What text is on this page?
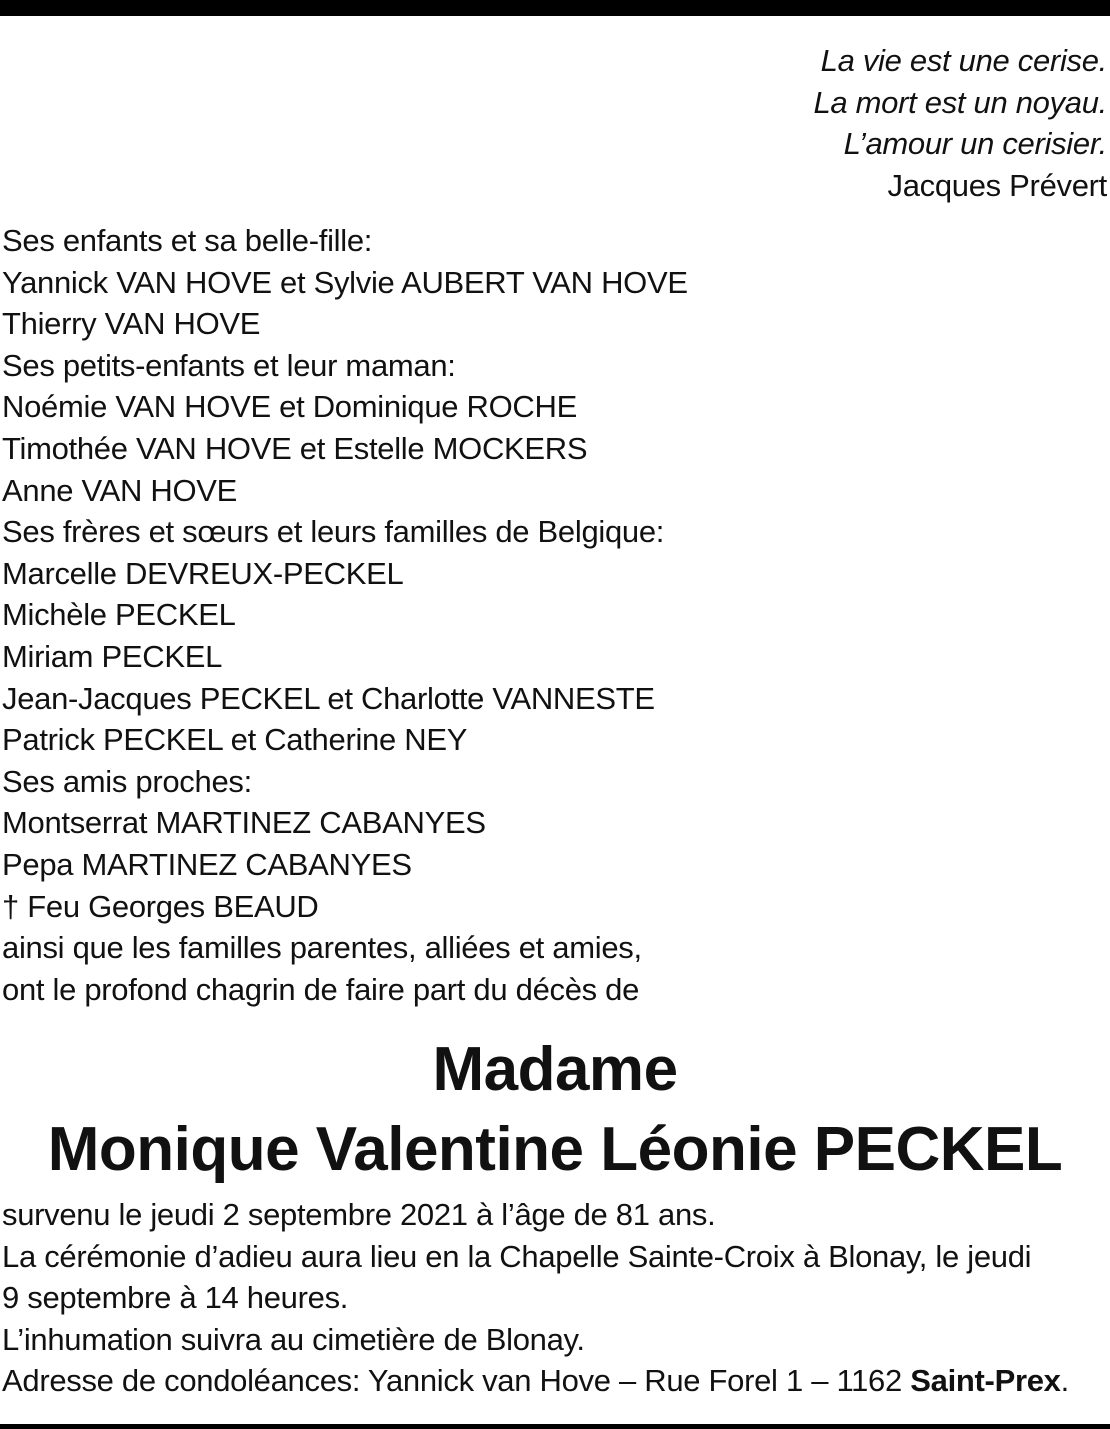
La vie est une cerise.
La mort est un noyau.
L’amour un cerisier.
Jacques Prévert
Ses enfants et sa belle-fille:
Yannick VAN HOVE et Sylvie AUBERT VAN HOVE
Thierry VAN HOVE
Ses petits-enfants et leur maman:
Noémie VAN HOVE et Dominique ROCHE
Timothée VAN HOVE et Estelle MOCKERS
Anne VAN HOVE
Ses frères et sœurs et leurs familles de Belgique:
Marcelle DEVREUX-PECKEL
Michèle PECKEL
Miriam PECKEL
Jean-Jacques PECKEL et Charlotte VANNESTE
Patrick PECKEL et Catherine NEY
Ses amis proches:
Montserrat MARTINEZ CABANYES
Pepa MARTINEZ CABANYES
† Feu Georges BEAUD
ainsi que les familles parentes, alliées et amies,
ont le profond chagrin de faire part du décès de
Madame
Monique Valentine Léonie PECKEL
survenu le jeudi 2 septembre 2021 à l’âge de 81 ans.
La cérémonie d’adieu aura lieu en la Chapelle Sainte-Croix à Blonay, le jeudi
9 septembre à 14 heures.
L’inhumation suivra au cimetière de Blonay.
Adresse de condoléances: Yannick van Hove – Rue Forel 1 – 1162 Saint-Prex.
